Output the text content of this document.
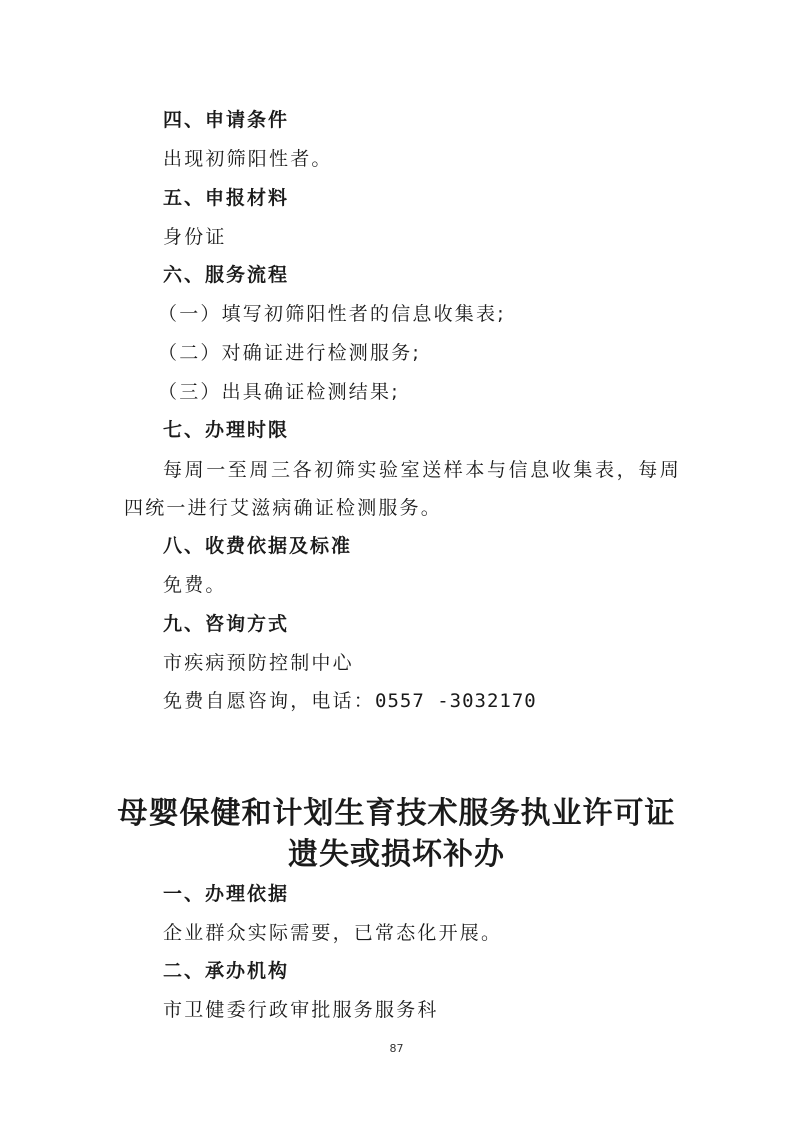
四、申请条件
出现初筛阳性者。
五、申报材料
身份证
六、服务流程
（一）填写初筛阳性者的信息收集表;
（二）对确证进行检测服务;
（三）出具确证检测结果;
七、办理时限
每周一至周三各初筛实验室送样本与信息收集表，每周
四统一进行艾滋病确证检测服务。
八、收费依据及标准
免费。
九、咨询方式
市疾病预防控制中心
免费自愿咨询，电话：0557 -3032170
母婴保健和计划生育技术服务执业许可证
遗失或损坏补办
一、办理依据
企业群众实际需要，已常态化开展。
二、承办机构
市卫健委行政审批服务服务科
87
